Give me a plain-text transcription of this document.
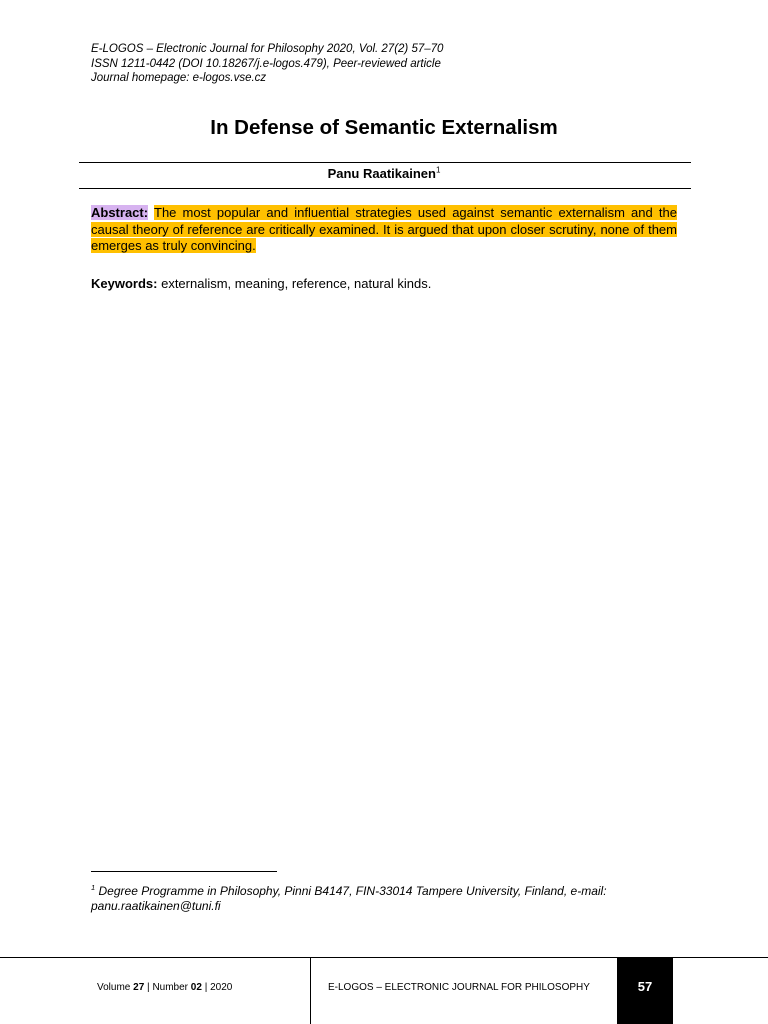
E-LOGOS – Electronic Journal for Philosophy 2020, Vol. 27(2) 57–70
ISSN 1211-0442 (DOI 10.18267/j.e-logos.479), Peer-reviewed article
Journal homepage: e-logos.vse.cz
In Defense of Semantic Externalism
Panu Raatikainen$^1$
Abstract: The most popular and influential strategies used against semantic externalism and the causal theory of reference are critically examined. It is argued that upon closer scrutiny, none of them emerges as truly convincing.
Keywords: externalism, meaning, reference, natural kinds.
$^1$ Degree Programme in Philosophy, Pinni B4147, FIN-33014 Tampere University, Finland, e-mail: panu.raatikainen@tuni.fi
Volume 27 | Number 02 | 2020	E-LOGOS – ELECTRONIC JOURNAL FOR PHILOSOPHY	57
